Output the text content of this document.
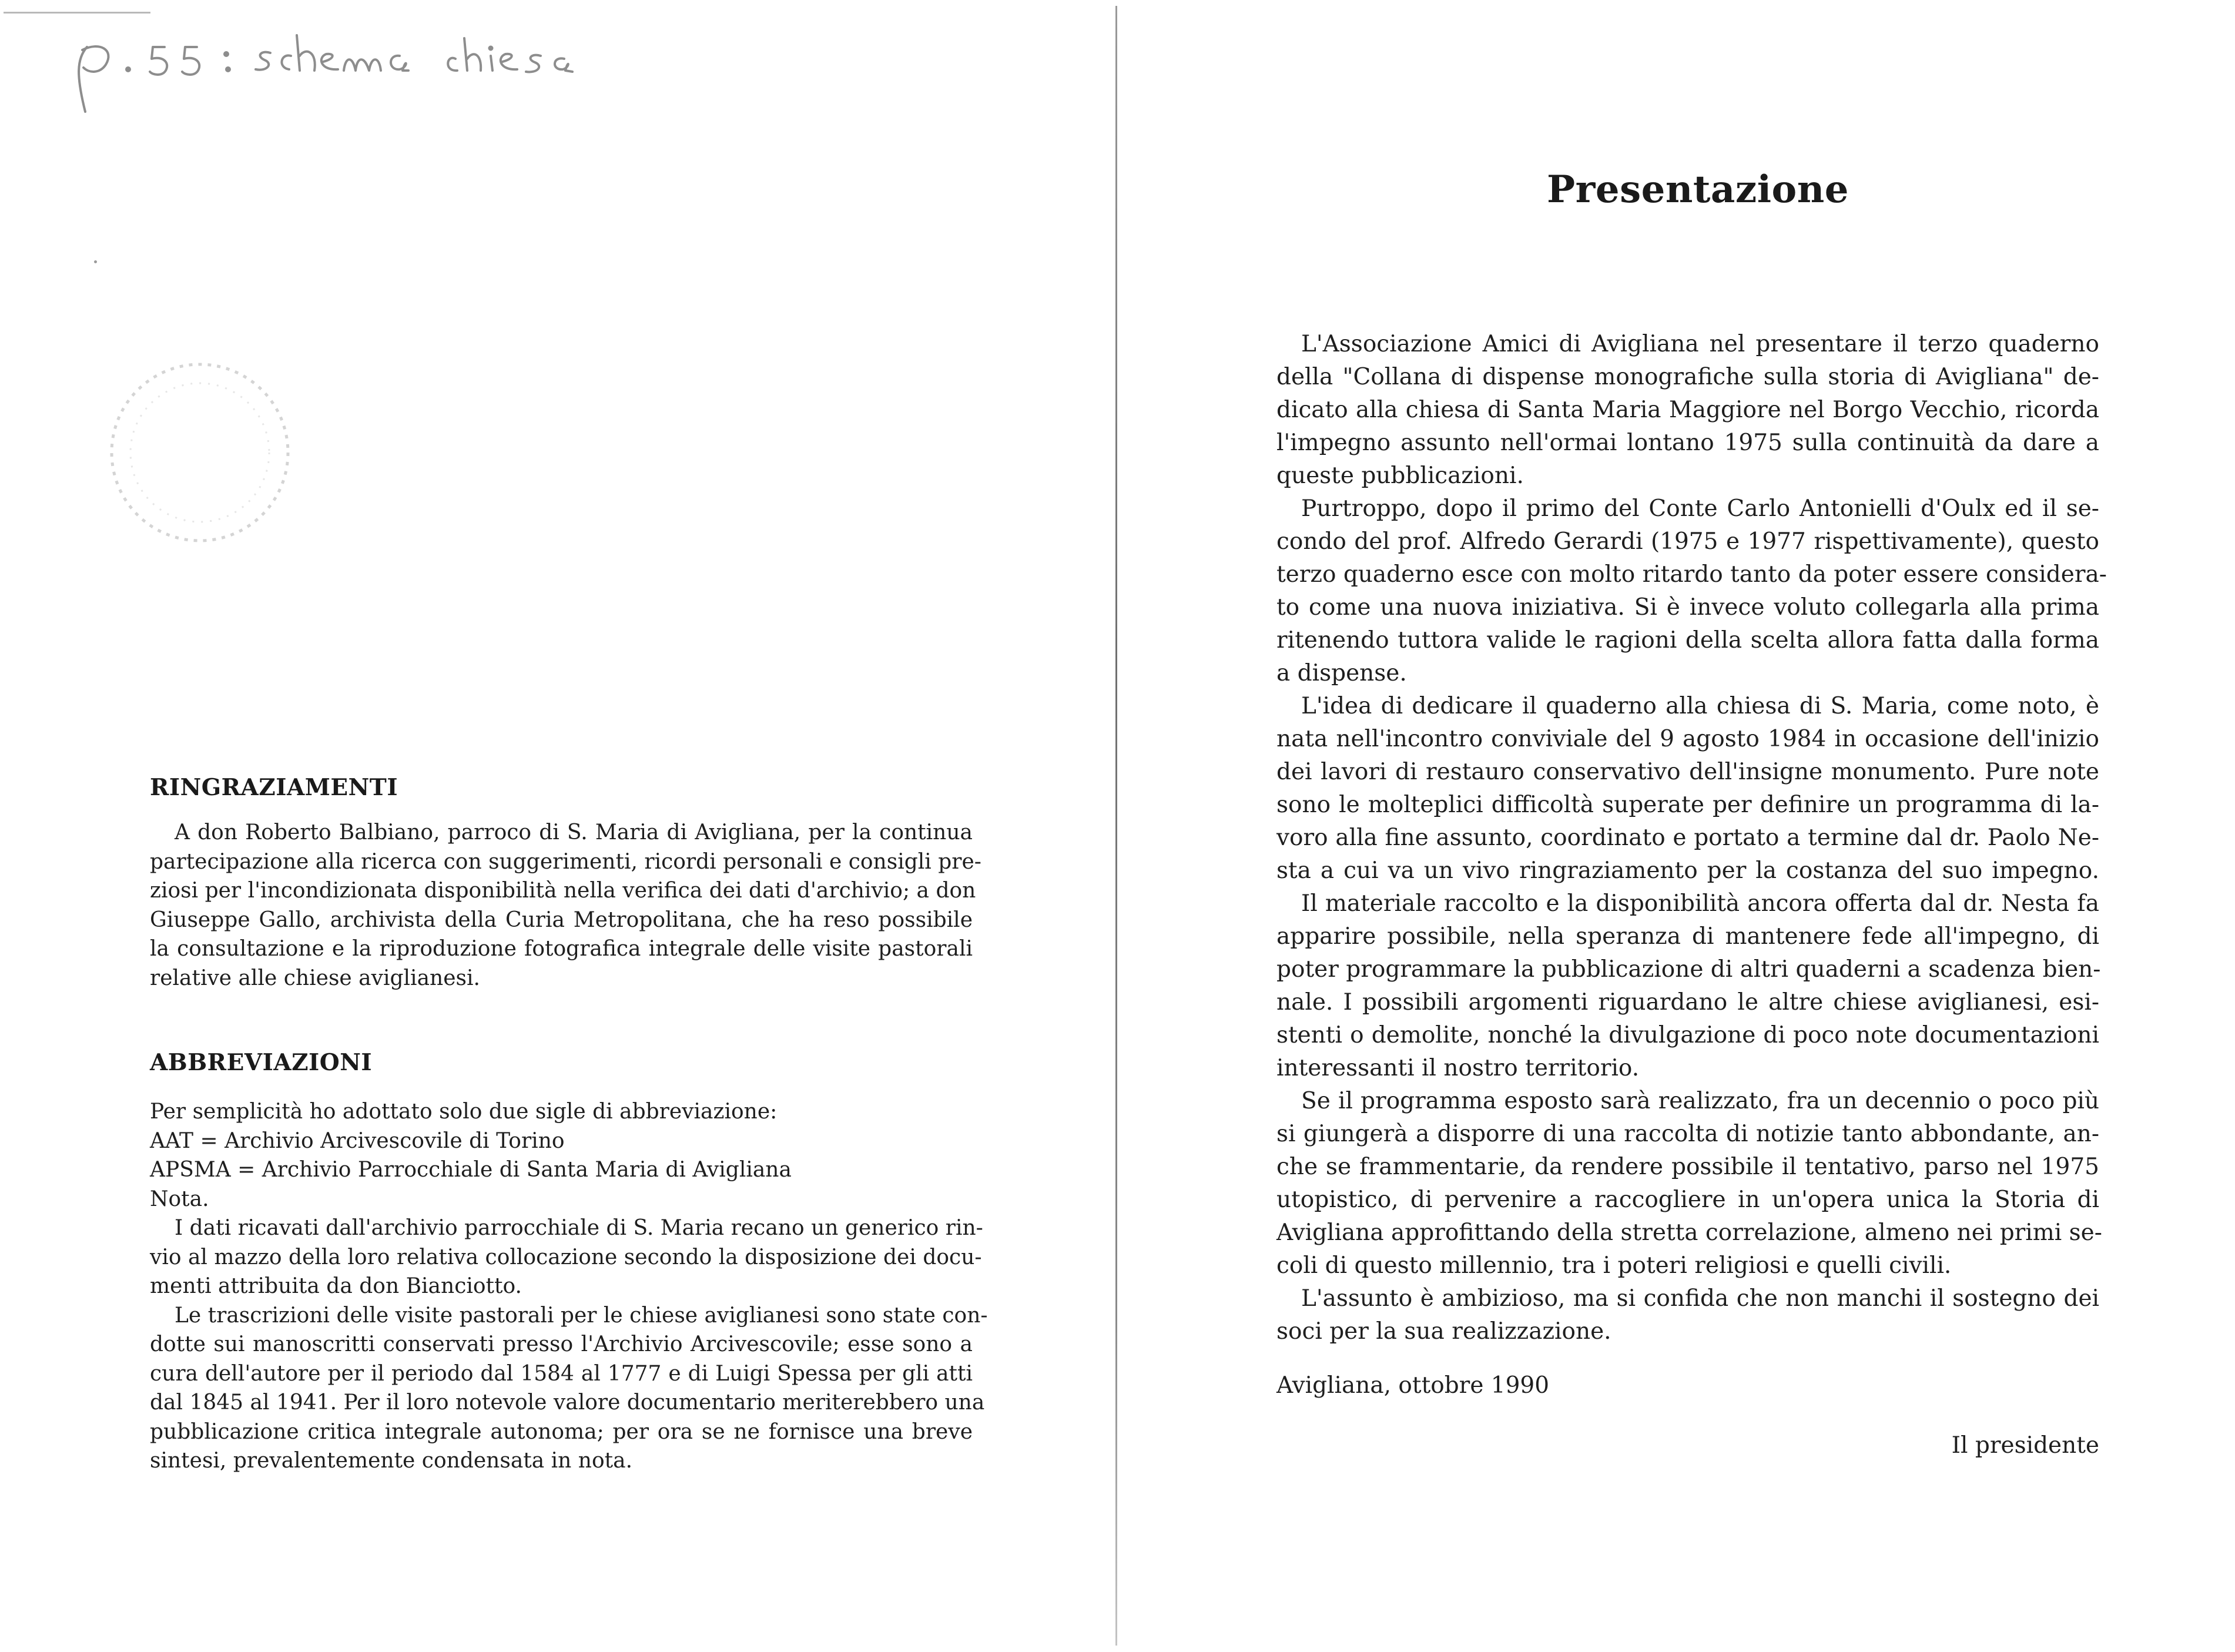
RINGRAZIAMENTI
A don Roberto Balbiano, parroco di S. Maria di Avigliana, per la continua
partecipazione alla ricerca con suggerimenti, ricordi personali e consigli pre-
ziosi per l'incondizionata disponibilità nella verifica dei dati d'archivio; a don
Giuseppe Gallo, archivista della Curia Metropolitana, che ha reso possibile
la consultazione e la riproduzione fotografica integrale delle visite pastorali
relative alle chiese aviglianesi.
ABBREVIAZIONI
Per semplicità ho adottato solo due sigle di abbreviazione:
AAT = Archivio Arcivescovile di Torino
APSMA = Archivio Parrocchiale di Santa Maria di Avigliana
Nota.
I dati ricavati dall'archivio parrocchiale di S. Maria recano un generico rin-
vio al mazzo della loro relativa collocazione secondo la disposizione dei docu-
menti attribuita da don Bianciotto.
Le trascrizioni delle visite pastorali per le chiese aviglianesi sono state con-
dotte sui manoscritti conservati presso l'Archivio Arcivescovile; esse sono a
cura dell'autore per il periodo dal 1584 al 1777 e di Luigi Spessa per gli atti
dal 1845 al 1941. Per il loro notevole valore documentario meriterebbero una
pubblicazione critica integrale autonoma; per ora se ne fornisce una breve
sintesi, prevalentemente condensata in nota.
Presentazione
L'Associazione Amici di Avigliana nel presentare il terzo quaderno
della "Collana di dispense monografiche sulla storia di Avigliana" de-
dicato alla chiesa di Santa Maria Maggiore nel Borgo Vecchio, ricorda
l'impegno assunto nell'ormai lontano 1975 sulla continuità da dare a
queste pubblicazioni.
Purtroppo, dopo il primo del Conte Carlo Antonielli d'Oulx ed il se-
condo del prof. Alfredo Gerardi (1975 e 1977 rispettivamente), questo
terzo quaderno esce con molto ritardo tanto da poter essere considera-
to come una nuova iniziativa. Si è invece voluto collegarla alla prima
ritenendo tuttora valide le ragioni della scelta allora fatta dalla forma
a dispense.
L'idea di dedicare il quaderno alla chiesa di S. Maria, come noto, è
nata nell'incontro conviviale del 9 agosto 1984 in occasione dell'inizio
dei lavori di restauro conservativo dell'insigne monumento. Pure note
sono le molteplici difficoltà superate per definire un programma di la-
voro alla fine assunto, coordinato e portato a termine dal dr. Paolo Ne-
sta a cui va un vivo ringraziamento per la costanza del suo impegno.
Il materiale raccolto e la disponibilità ancora offerta dal dr. Nesta fa
apparire possibile, nella speranza di mantenere fede all'impegno, di
poter programmare la pubblicazione di altri quaderni a scadenza bien-
nale. I possibili argomenti riguardano le altre chiese aviglianesi, esi-
stenti o demolite, nonché la divulgazione di poco note documentazioni
interessanti il nostro territorio.
Se il programma esposto sarà realizzato, fra un decennio o poco più
si giungerà a disporre di una raccolta di notizie tanto abbondante, an-
che se frammentarie, da rendere possibile il tentativo, parso nel 1975
utopistico, di pervenire a raccogliere in un'opera unica la Storia di
Avigliana approfittando della stretta correlazione, almeno nei primi se-
coli di questo millennio, tra i poteri religiosi e quelli civili.
L'assunto è ambizioso, ma si confida che non manchi il sostegno dei
soci per la sua realizzazione.
Avigliana, ottobre 1990
Il presidente
